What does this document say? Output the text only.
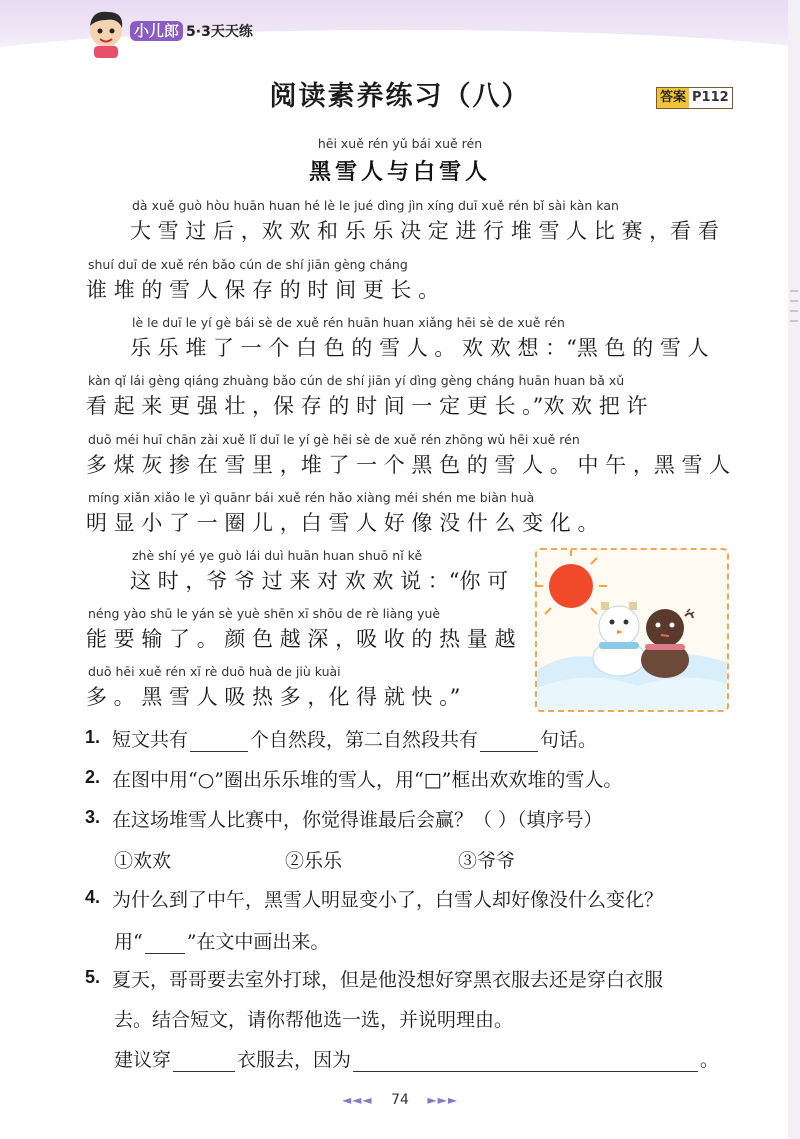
小儿郎 5·3天天练
阅读素养练习（八）	答案 P112
hēi xuě rén yǔ bái xuě rén
黑雪人与白雪人
dà xuě guò hòu huān huan hé lè le jué dìng jìn xíng duī xuě rén bǐ sài kàn kan
大 雪 过 后 ，欢 欢 和 乐 乐 决 定 进 行 堆 雪 人 比 赛 ，看 看
shuí duī de xuě rén bǎo cún de shí jiān gèng cháng
谁 堆 的 雪 人 保 存 的 时 间 更 长 。
lè le duī le yí gè bái sè de xuě rén huān huan xiǎng hēi sè de xuě rén
乐 乐 堆 了 一 个 白 色 的 雪 人 。 欢 欢 想 ：“黑 色 的 雪 人
kàn qǐ lái gèng qiáng zhuàng bǎo cún de shí jiān yí dìng gèng cháng huān huan bǎ xǔ
看 起 来 更 强 壮 ，保 存 的 时 间 一 定 更 长 。”欢 欢 把 许
duō méi huī chān zài xuě lǐ duī le yí gè hēi sè de xuě rén zhōng wǔ hēi xuě rén
多 煤 灰 掺 在 雪 里 ，堆 了 一 个 黑 色 的 雪 人 。 中 午 ，黑 雪 人
míng xiǎn xiǎo le yì quānr bái xuě rén hǎo xiàng méi shén me biàn huà
明 显 小 了 一 圈 儿 ，白 雪 人 好 像 没 什 么 变 化 。
zhè shí yé ye guò lái duì huān huan shuō nǐ kě
这 时 ，爷 爷 过 来 对 欢 欢 说 ：“你 可
néng yào shū le yán sè yuè shēn xī shōu de rè liàng yuè
能 要 输 了 。 颜 色 越 深 ，吸 收 的 热 量 越
duō hēi xuě rén xī rè duō huà de jiù kuài
多 。 黑 雪 人 吸 热 多 ，化 得 就 快 。”
1. 短文共有	个自然段，第二自然段共有	句话。
2. 在图中用“○”圈出乐乐堆的雪人，用“□”框出欢欢堆的雪人。
3. 在这场堆雪人比赛中，你觉得谁最后会赢？（ ）（填序号）
①欢欢	②乐乐	③爷爷
4. 为什么到了中午，黑雪人明显变小了，白雪人却好像没什么变化？
用“ ”在文中画出来。
5. 夏天，哥哥要去室外打球，但是他没想好穿黑衣服去还是穿白衣服
去。结合短文，请你帮他选一选，并说明理由。
建议穿	衣服去，因为	。
◄◄◄ 74 ►►►
